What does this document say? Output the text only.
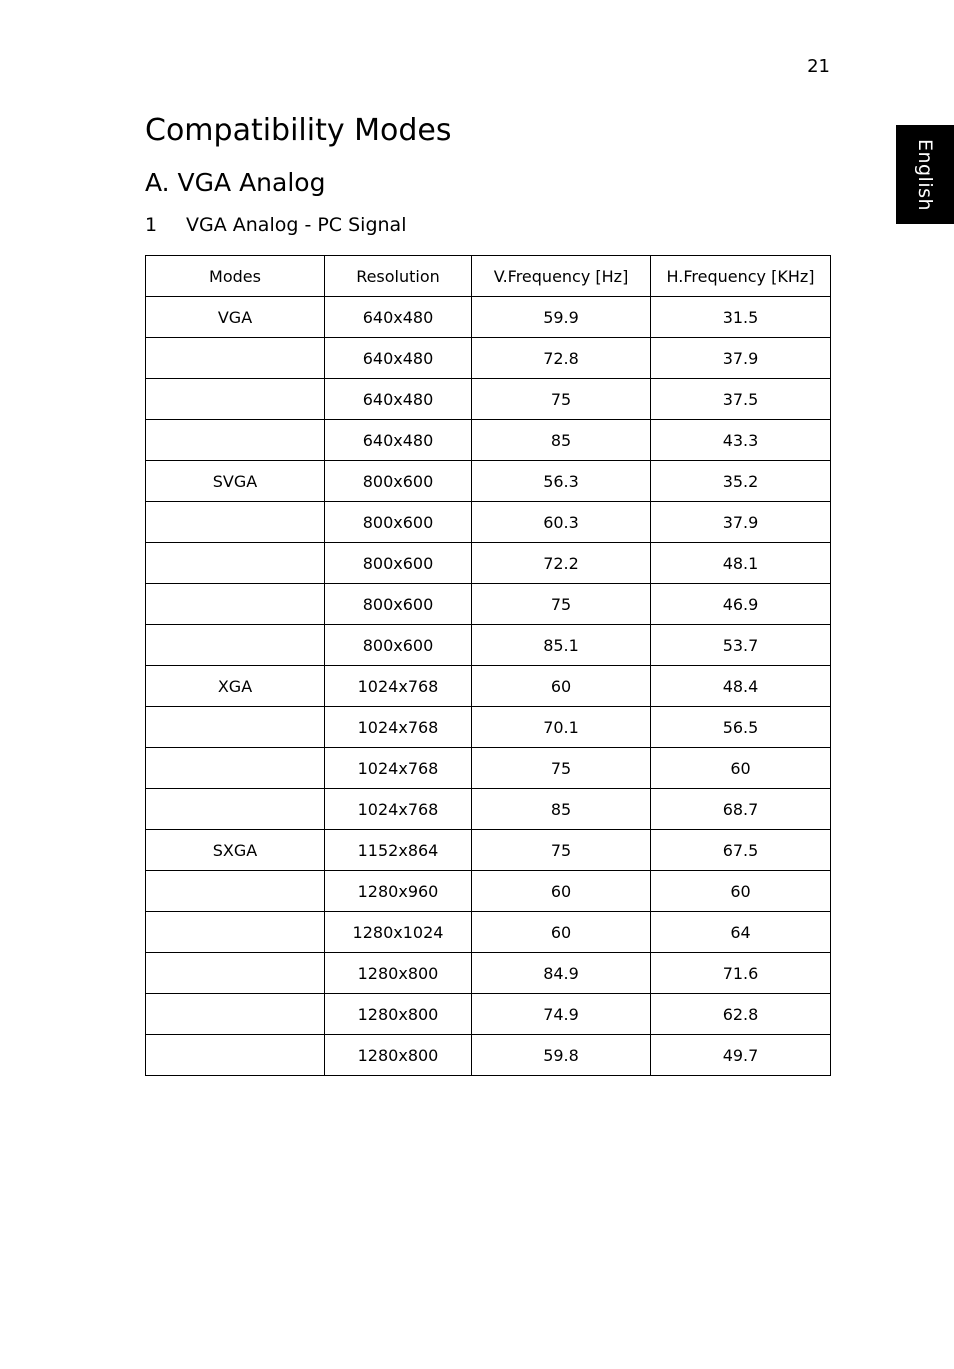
21
English
Compatibility Modes
A. VGA Analog
1 VGA Analog - PC Signal
Modes	Resolution	V.Frequency [Hz]	H.Frequency [KHz]
VGA	640x480	59.9	31.5
	640x480	72.8	37.9
	640x480	75	37.5
	640x480	85	43.3
SVGA	800x600	56.3	35.2
	800x600	60.3	37.9
	800x600	72.2	48.1
	800x600	75	46.9
	800x600	85.1	53.7
XGA	1024x768	60	48.4
	1024x768	70.1	56.5
	1024x768	75	60
	1024x768	85	68.7
SXGA	1152x864	75	67.5
	1280x960	60	60
	1280x1024	60	64
	1280x800	84.9	71.6
	1280x800	74.9	62.8
	1280x800	59.8	49.7
